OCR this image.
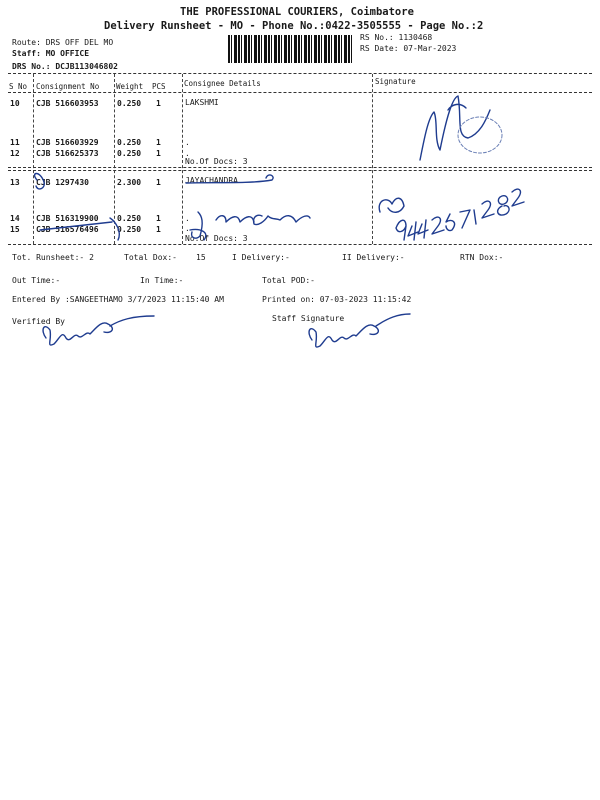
THE PROFESSIONAL COURIERS, Coimbatore
Delivery Runsheet - MO - Phone No.:0422-3505555 - Page No.:2
Route: DRS OFF DEL MO
Staff: MO OFFICE
DRS No.: DCJB113046802
RS No.: 1130468
RS Date: 07-Mar-2023
S No Consignment No Weight PCS Consignee Details	Signature
10 CJB 516603953 0.250 1	LAKSHMI
11 CJB 516603929 0.250 1	.
12 CJB 516625373 0.250 1	.
No.Of Docs: 3
13 CJB 1297430	2.300 1	JAYACHANDRA
14 CJB 516319900 0.250 1	.
15 CJB 516576496 0.250 1	.
No.Of Docs: 3
Tot. Runsheet:- 2	Total Dox:- 15	I Delivery:-	II Delivery:-	RTN Dox:-
Out Time:-	In Time:-	Total POD:-
Entered By :SANGEETHAMO 3/7/2023 11:15:40 AM	Printed on: 07-03-2023 11:15:42
Verified By	Staff Signature
